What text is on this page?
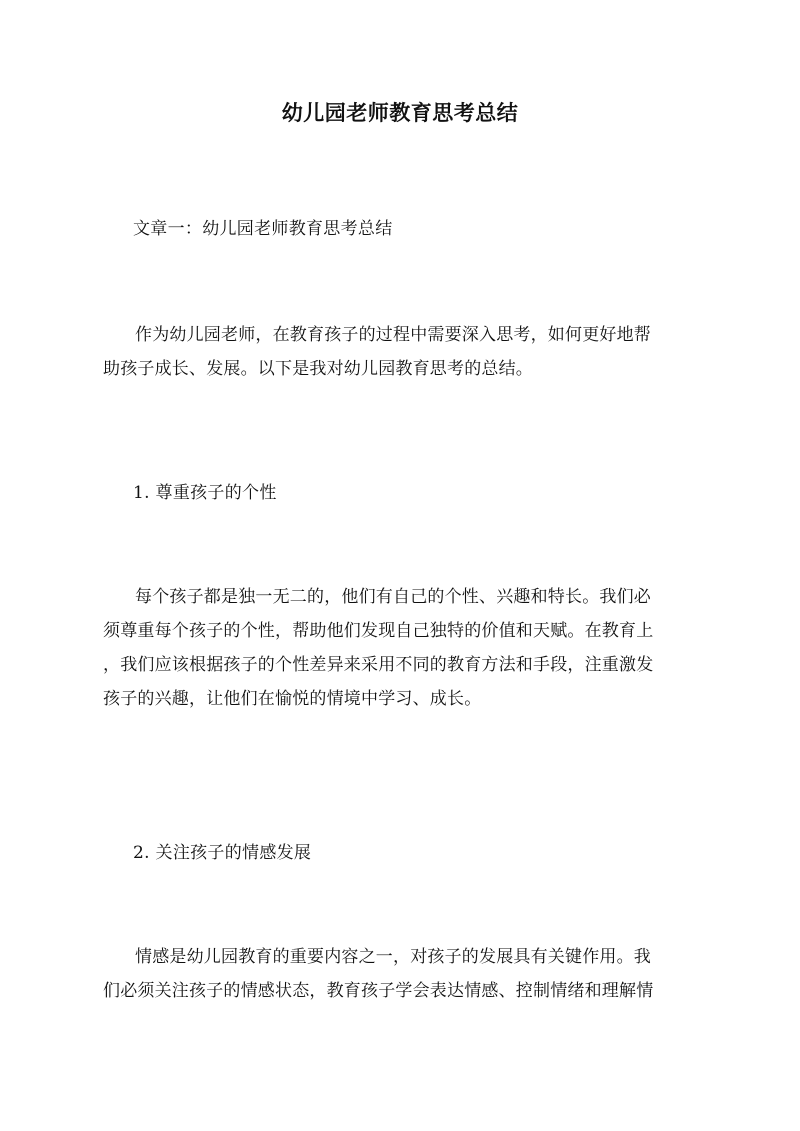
幼儿园老师教育思考总结
文章一：幼儿园老师教育思考总结
作为幼儿园老师，在教育孩子的过程中需要深入思考，如何更好地帮
助孩子成长、发展。以下是我对幼儿园教育思考的总结。
1. 尊重孩子的个性
每个孩子都是独一无二的，他们有自己的个性、兴趣和特长。我们必
须尊重每个孩子的个性，帮助他们发现自己独特的价值和天赋。在教育上
，我们应该根据孩子的个性差异来采用不同的教育方法和手段，注重激发
孩子的兴趣，让他们在愉悦的情境中学习、成长。
2. 关注孩子的情感发展
情感是幼儿园教育的重要内容之一，对孩子的发展具有关键作用。我
们必须关注孩子的情感状态，教育孩子学会表达情感、控制情绪和理解情
